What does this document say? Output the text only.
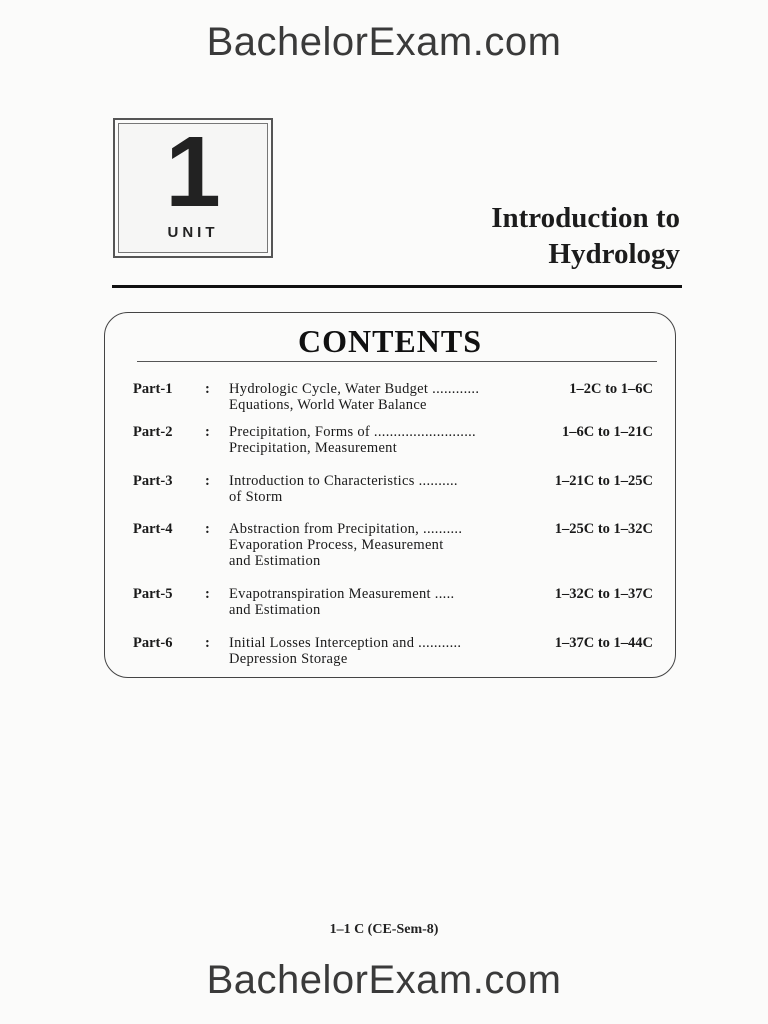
BachelorExam.com
1
UNIT	Introduction to
Hydrology
CONTENTS
Part-1	: Hydrologic Cycle, Water Budget ............
Equations, World Water Balance
1–2C to 1–6C
Part-2	: Precipitation, Forms of ..........................
Precipitation, Measurement
1–6C to 1–21C
Part-3	: Introduction to Characteristics ..........
of Storm
1–21C to 1–25C
Part-4	: Abstraction from Precipitation, ..........
Evaporation Process, Measurement
and Estimation
1–25C to 1–32C
Part-5	: Evapotranspiration Measurement .....
and Estimation
1–32C to 1–37C
Part-6	: Initial Losses Interception and ...........
Depression Storage
1–37C to 1–44C
1–1 C (CE-Sem-8)
BachelorExam.com
